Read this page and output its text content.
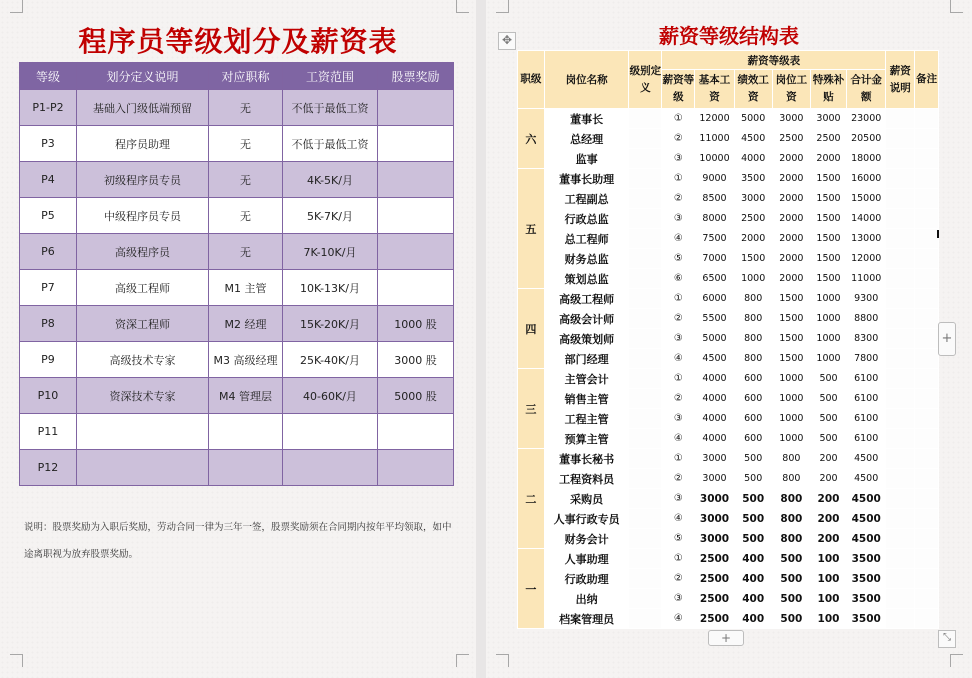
程序员等级划分及薪资表
等级	划分定义说明	对应职称	工资范围	股票奖励
P1-P2	基础入门级低端预留	无	不低于最低工资	
P3	程序员助理	无	不低于最低工资	
P4	初级程序员专员	无	4K-5K/月	
P5	中级程序员专员	无	5K-7K/月	
P6	高级程序员	无	7K-10K/月	
P7	高级工程师	M1 主管	10K-13K/月	
P8	资深工程师	M2 经理	15K-20K/月	1000 股
P9	高级技术专家	M3 高级经理	25K-40K/月	3000 股
P10	资深技术专家	M4 管理层	40-60K/月	5000 股
P11				
P12				
说明：股票奖励为入职后奖励，劳动合同一律为三年一签，股票奖励须在合同期内按年平均领取，如中
途离职视为放弃股票奖励。
薪资等级结构表
职级	岗位名称	级别定义	薪资等级表						薪资说明	备注
			薪资等级	基本工资	绩效工资	岗位工资	特殊补贴	合计金额		
六	董事长		①	12000	5000	3000	3000	23000		
	总经理		②	11000	4500	2500	2500	20500		
	监事		③	10000	4000	2000	2000	18000		
五	董事长助理		①	9000	3500	2000	1500	16000		
	工程副总		②	8500	3000	2000	1500	15000		
	行政总监		③	8000	2500	2000	1500	14000		
	总工程师		④	7500	2000	2000	1500	13000		
	财务总监		⑤	7000	1500	2000	1500	12000		
	策划总监		⑥	6500	1000	2000	1500	11000		
四	高级工程师		①	6000	800	1500	1000	9300		
	高级会计师		②	5500	800	1500	1000	8800		
	高级策划师		③	5000	800	1500	1000	8300		
	部门经理		④	4500	800	1500	1000	7800		
三	主管会计		①	4000	600	1000	500	6100		
	销售主管		②	4000	600	1000	500	6100		
	工程主管		③	4000	600	1000	500	6100		
	预算主管		④	4000	600	1000	500	6100		
二	董事长秘书		①	3000	500	800	200	4500		
	工程资料员		②	3000	500	800	200	4500		
	采购员		③	3000	500	800	200	4500		
	人事行政专员		④	3000	500	800	200	4500		
	财务会计		⑤	3000	500	800	200	4500		
一	人事助理		①	2500	400	500	100	3500		
	行政助理		②	2500	400	500	100	3500		
	出纳		③	2500	400	500	100	3500		
	档案管理员		④	2500	400	500	100	3500		
✥
+
+	⤡
